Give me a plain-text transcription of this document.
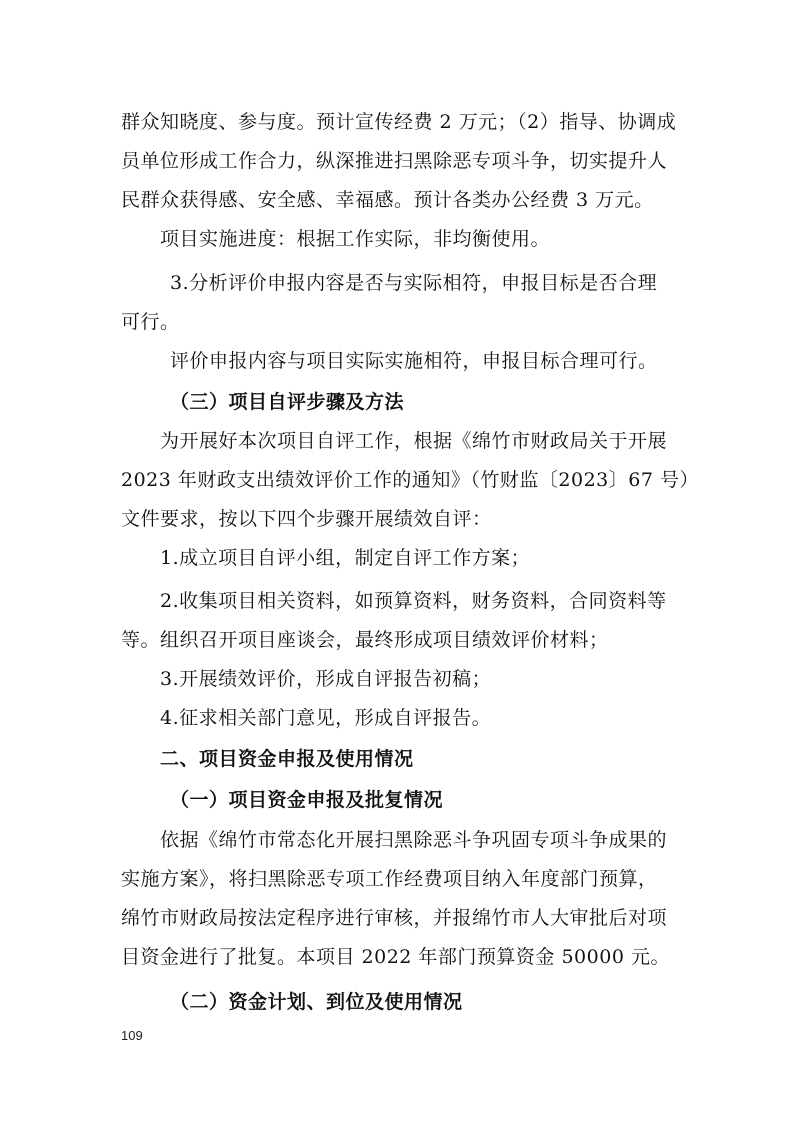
群众知晓度、参与度。预计宣传经费 2 万元；（2）指导、协调成
员单位形成工作合力，纵深推进扫黑除恶专项斗争，切实提升人
民群众获得感、安全感、幸福感。预计各类办公经费 3 万元。
项目实施进度：根据工作实际，非均衡使用。
3.分析评价申报内容是否与实际相符，申报目标是否合理
可行。
评价申报内容与项目实际实施相符，申报目标合理可行。
（三）项目自评步骤及方法
为开展好本次项目自评工作，根据《绵竹市财政局关于开展
2023 年财政支出绩效评价工作的通知》（竹财监〔2023〕67 号）
文件要求，按以下四个步骤开展绩效自评：
1.成立项目自评小组，制定自评工作方案；
2.收集项目相关资料，如预算资料，财务资料，合同资料等
等。组织召开项目座谈会，最终形成项目绩效评价材料；
3.开展绩效评价，形成自评报告初稿；
4.征求相关部门意见，形成自评报告。
二、项目资金申报及使用情况
（一）项目资金申报及批复情况
依据《绵竹市常态化开展扫黑除恶斗争巩固专项斗争成果的
实施方案》，将扫黑除恶专项工作经费项目纳入年度部门预算，
绵竹市财政局按法定程序进行审核，并报绵竹市人大审批后对项
目资金进行了批复。本项目 2022 年部门预算资金 50000 元。
（二）资金计划、到位及使用情况
109
